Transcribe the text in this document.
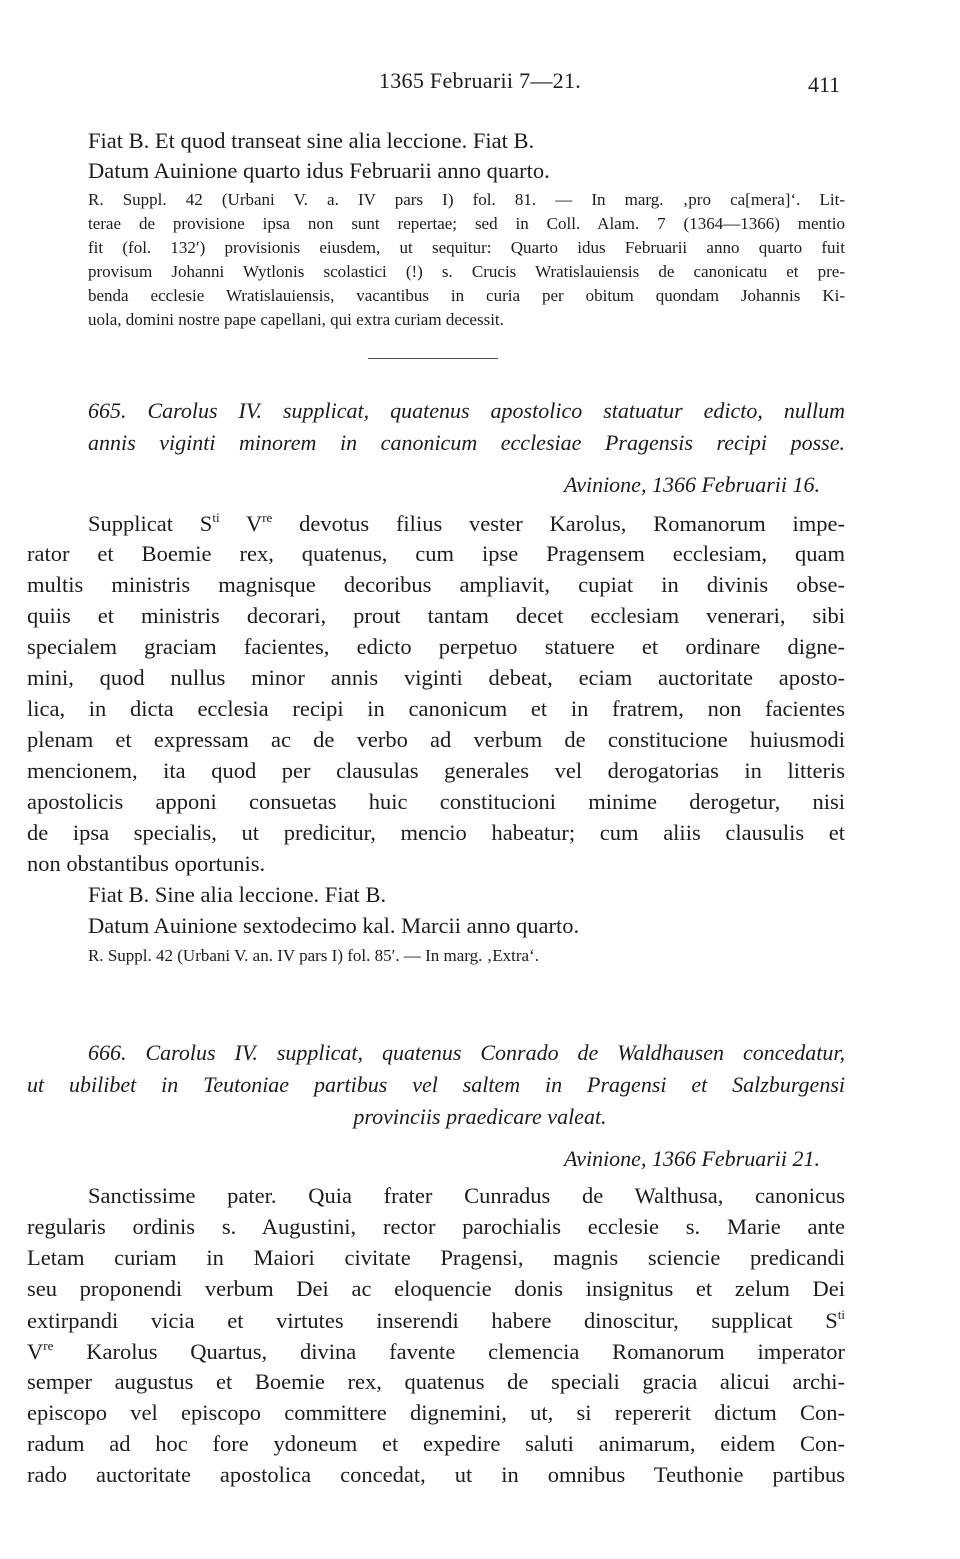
1365 Februarii 7—21.	411
Fiat B. Et quod transeat sine alia leccione. Fiat B.
Datum Auinione quarto idus Februarii anno quarto.
R. Suppl. 42 (Urbani V. a. IV pars I) fol. 81. — In marg. ‚pro ca[mera]‘. Lit-
terae de provisione ipsa non sunt repertae; sed in Coll. Alam. 7 (1364—1366) mentio
fit (fol. 132′) provisionis eiusdem, ut sequitur: Quarto idus Februarii anno quarto fuit
provisum Johanni Wytlonis scolastici (!) s. Crucis Wratislauiensis de canonicatu et pre-
benda ecclesie Wratislauiensis, vacantibus in curia per obitum quondam Johannis Ki-
uola, domini nostre pape capellani, qui extra curiam decessit.
665. Carolus IV. supplicat, quatenus apostolico statuatur edicto, nullum
annis viginti minorem in canonicum ecclesiae Pragensis recipi posse.
Avinione, 1366 Februarii 16.
Supplicat $S^{ti}$ Vre devotus filius vester Karolus, Romanorum impe-
rator et Boemie rex, quatenus, cum ipse Pragensem ecclesiam, quam
multis ministris magnisque decoribus ampliavit, cupiat in divinis obse-
quiis et ministris decorari, prout tantam decet ecclesiam venerari, sibi
specialem graciam facientes, edicto perpetuo statuere et ordinare digne-
mini, quod nullus minor annis viginti debeat, eciam auctoritate aposto-
lica, in dicta ecclesia recipi in canonicum et in fratrem, non facientes
plenam et expressam ac de verbo ad verbum de constitucione huiusmodi
mencionem, ita quod per clausulas generales vel derogatorias in litteris
apostolicis apponi consuetas huic constitucioni minime derogetur, nisi
de ipsa specialis, ut predicitur, mencio habeatur; cum aliis clausulis et
non obstantibus oportunis.
Fiat B. Sine alia leccione. Fiat B.
Datum Auinione sextodecimo kal. Marcii anno quarto.
R. Suppl. 42 (Urbani V. an. IV pars I) fol. 85′. — In marg. ‚Extra‘.
666. Carolus IV. supplicat, quatenus Conrado de Waldhausen concedatur,
ut ubilibet in Teutoniae partibus vel saltem in Pragensi et Salzburgensi
provinciis praedicare valeat.
Avinione, 1366 Februarii 21.
Sanctissime pater. Quia frater Cunradus de Walthusa, canonicus
regularis ordinis s. Augustini, rector parochialis ecclesie s. Marie ante
Letam curiam in Maiori civitate Pragensi, magnis sciencie predicandi
seu proponendi verbum Dei ac eloquencie donis insignitus et zelum Dei
extirpandi vicia et virtutes inserendi habere dinoscitur, supplicat $S^{ti}$
Vre Karolus Quartus, divina favente clemencia Romanorum imperator
semper augustus et Boemie rex, quatenus de speciali gracia alicui archi-
episcopo vel episcopo committere dignemini, ut, si repererit dictum Con-
radum ad hoc fore ydoneum et expedire saluti animarum, eidem Con-
rado auctoritate apostolica concedat, ut in omnibus Teuthonie partibus
